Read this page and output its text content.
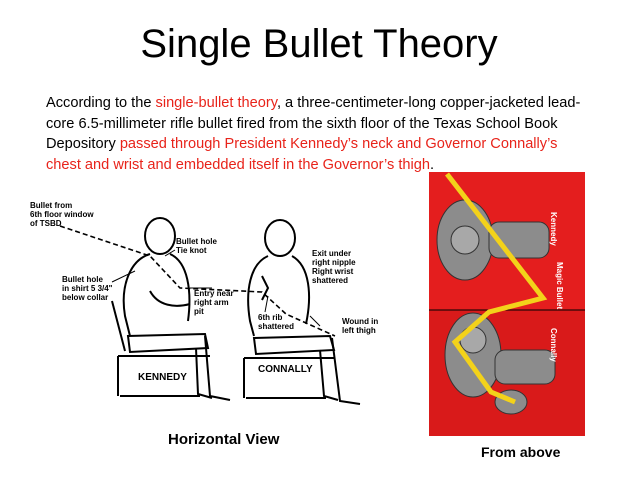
Single Bullet Theory
According to the single-bullet theory, a three-centimeter-long copper-jacketed lead-core 6.5-millimeter rifle bullet fired from the sixth floor of the Texas School Book Depository passed through President Kennedy’s neck and Governor Connally’s chest and wrist and embedded itself in the Governor’s thigh.
Bullet from 6th floor window of TSBD
Bullet hole Tie knot
Bullet hole in shirt 5 3/4" below collar	Entry near right arm pit
Exit under right nipple Right wrist shattered
6th rib shattered
Wound in left thigh
KENNEDY
CONNALLY
Kennedy
Magic Bullet
Connally
Horizontal View
From above
